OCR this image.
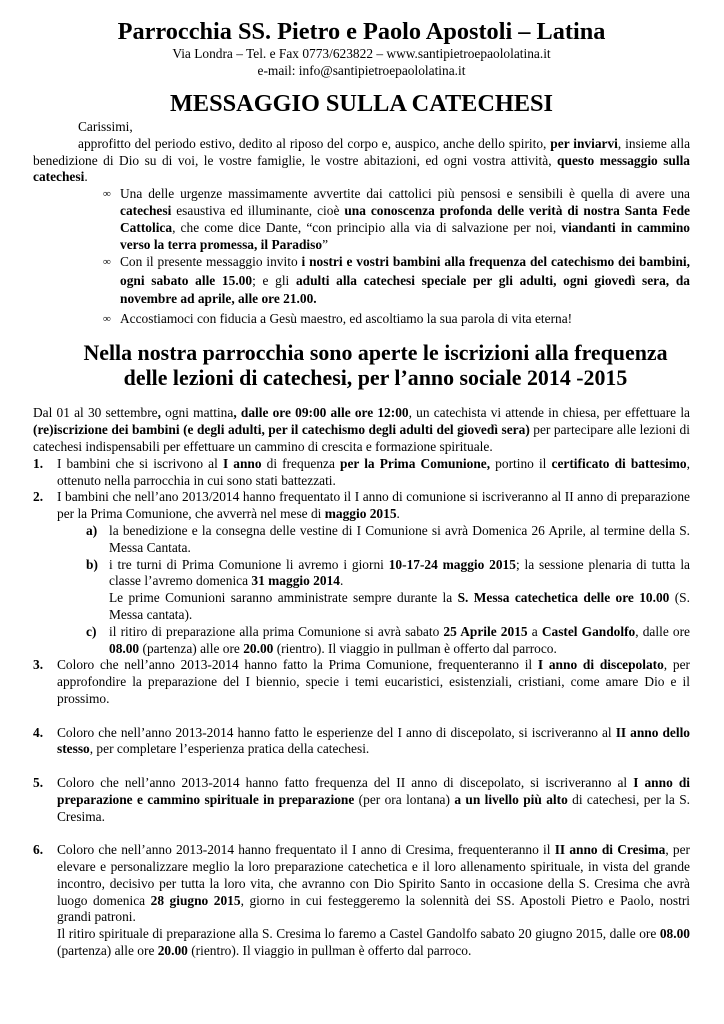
Parrocchia SS. Pietro e Paolo Apostoli – Latina
Via Londra – Tel. e Fax 0773/623822 – www.santipietroepaololatina.it
e-mail: info@santipietroepaololatina.it
MESSAGGIO SULLA CATECHESI

Carissimi,

approfitto del periodo estivo, dedito al riposo del corpo e, auspico, anche dello spirito, per inviarvi, insieme alla benedizione di Dio su di voi, le vostre famiglie, le vostre abitazioni, ed ogni vostra attività, questo messaggio sulla catechesi.

∞ Una delle urgenze massimamente avvertite dai cattolici più pensosi e sensibili è quella di avere una catechesi esaustiva ed illuminante, cioè una conoscenza profonda delle verità di nostra Santa Fede Cattolica, che come dice Dante, “con principio alla via di salvazione per noi, viandanti in cammino verso la terra promessa, il Paradiso”

∞ Con il presente messaggio invito i nostri e vostri bambini alla frequenza del catechismo dei bambini, ogni sabato alle 15.00; e gli adulti alla catechesi speciale per gli adulti, ogni giovedì sera, da novembre ad aprile, alle ore 21.00.

∞ Accostiamoci con fiducia a Gesù maestro, ed ascoltiamo la sua parola di vita eterna!

Nella nostra parrocchia sono aperte le iscrizioni alla frequenza
delle lezioni di catechesi, per l’anno sociale 2014 -2015

Dal 01 al 30 settembre, ogni mattina, dalle ore 09:00 alle ore 12:00, un catechista vi attende in chiesa, per effettuare la (re)iscrizione dei bambini (e degli adulti, per il catechismo degli adulti del giovedì sera) per partecipare alle lezioni di catechesi indispensabili per effettuare un cammino di crescita e formazione spirituale.

1.	I bambini che si iscrivono al I anno di frequenza per la Prima Comunione, portino il certificato di battesimo, ottenuto nella parrocchia in cui sono stati battezzati.

2.	I bambini che nell’ano 2013/2014 hanno frequentato il I anno di comunione si iscriveranno al II anno di preparazione per la Prima Comunione, che avverrà nel mese di maggio 2015.

a) la benedizione e la consegna delle vestine di I Comunione si avrà Domenica 26 Aprile, al termine della S. Messa Cantata.

b) i tre turni di Prima Comunione li avremo i giorni 10-17-24 maggio 2015; la sessione plenaria di tutta la classe l’avremo domenica 31 maggio 2014.

Le prime Comunioni saranno amministrate sempre durante la S. Messa catechetica delle ore 10.00 (S. Messa cantata).

c) il ritiro di preparazione alla prima Comunione si avrà sabato 25 Aprile 2015 a Castel Gandolfo, dalle ore 08.00 (partenza) alle ore 20.00 (rientro). Il viaggio in pullman è offerto dal parroco.

3.	Coloro che nell’anno 2013-2014 hanno fatto la Prima Comunione, frequenteranno il I anno di discepolato, per approfondire la preparazione del I biennio, specie i temi eucaristici, esistenziali, cristiani, come amare Dio e il prossimo.

4.	Coloro che nell’anno 2013-2014 hanno fatto le esperienze del I anno di discepolato, si iscriveranno al II anno dello stesso, per completare l’esperienza pratica della catechesi.

5.	Coloro che nell’anno 2013-2014 hanno fatto frequenza del II anno di discepolato, si iscriveranno al I anno di preparazione e cammino spirituale in preparazione (per ora lontana) a un livello più alto di catechesi, per la S. Cresima.

6.	Coloro che nell’anno 2013-2014 hanno frequentato il I anno di Cresima, frequenteranno il II anno di Cresima, per elevare e personalizzare meglio la loro preparazione catechetica e il loro allenamento spirituale, in vista del grande incontro, decisivo per tutta la loro vita, che avranno con Dio Spirito Santo in occasione della S. Cresima che avrà luogo domenica 28 giugno 2015, giorno in cui festeggeremo la solennità dei SS. Apostoli Pietro e Paolo, nostri grandi patroni.

Il ritiro spirituale di preparazione alla S. Cresima lo faremo a Castel Gandolfo sabato 20 giugno 2015, dalle ore 08.00 (partenza) alle ore 20.00 (rientro). Il viaggio in pullman è offerto dal parroco.
